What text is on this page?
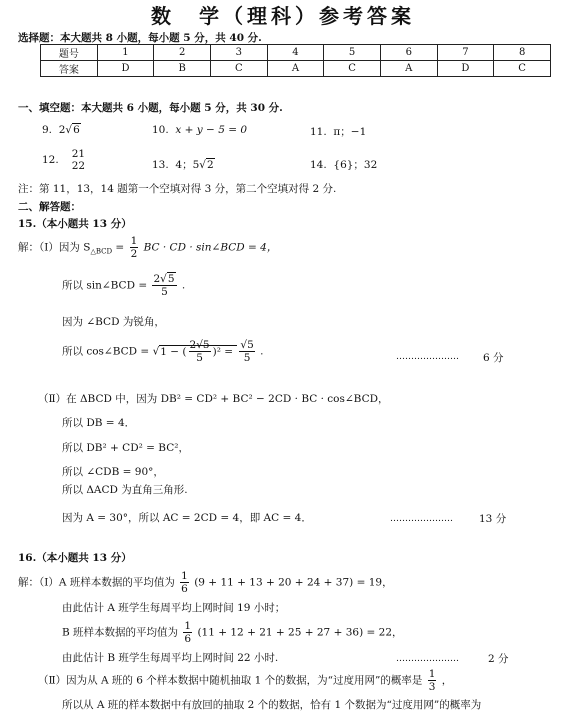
数　学（理科）参考答案
选择题：本大题共 8 小题，每小题 5 分，共 40 分.
题号	1	2	3	4	5	6	7	8
答案	D	B	C	A	C	A	D	C
一、填空题：本大题共 6 小题，每小题 5 分，共 30 分.
9. 2√6	10. x + y − 5 = 0	11. π；−1
12.
21
22	13. 4；5√2	14. {6}；32
注：第 11，13，14 题第一个空填对得 3 分，第二个空填对得 2 分.
二、解答题：
15.（本小题共 13 分）
解：（Ⅰ）因为 $S_{\triangle BCD} = \frac{1}{2}$ BC · CD · sin∠BCD = 4，
所以 sin∠BCD = $\frac{2√5}{5}$ .
因为 ∠BCD 为锐角，
所以 cos∠BCD = √1 − ( $\frac{2√5}{5} )^2 = \frac{√5}{5}$ .	………………… 6 分
（Ⅱ）在 ΔBCD 中，因为 DB² = CD² + BC² − 2CD · BC · cos∠BCD，
所以 DB = 4．
所以 DB² + CD² = BC²，
所以 ∠CDB = 90°，
所以 ΔACD 为直角三角形.
因为 A = 30°，所以 AC = 2CD = 4，即 AC = 4．	………………… 13 分
16.（本小题共 13 分）
解：（Ⅰ）A 班样本数据的平均值为 $\frac{1}{6} (9 + 11 + 13 + 20 + 24 + 37) = 19$，
由此估计 A 班学生每周平均上网时间 19 小时；
B 班样本数据的平均值为 $\frac{1}{6} (11 + 12 + 21 + 25 + 27 + 36) = 22$，
由此估计 B 班学生每周平均上网时间 22 小时.	…………………	2 分
（Ⅱ）因为从 A 班的 6 个样本数据中随机抽取 1 个的数据，为“过度用网”的概率是 $\frac{1}{3}$ ，
所以从 A 班的样本数据中有放回的抽取 2 个的数据，恰有 1 个数据为“过度用网”的概率为
